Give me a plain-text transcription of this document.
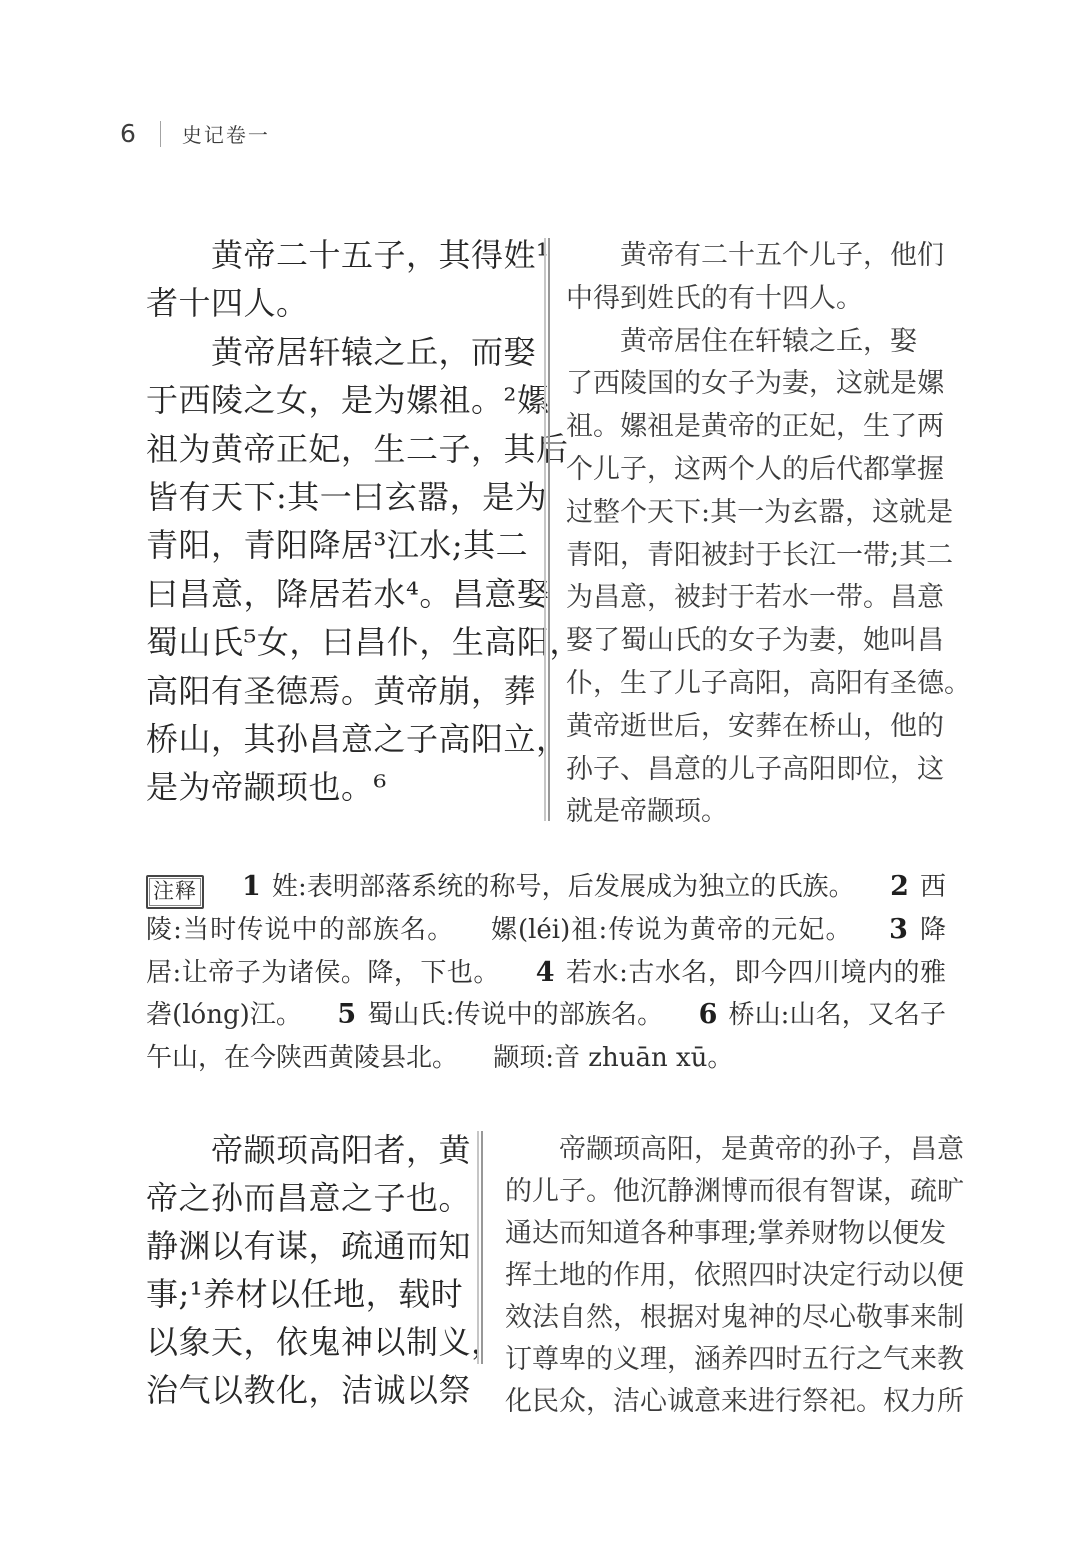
6 史记卷一
　　黄帝二十五子，其得姓¹
者十四人。
　　黄帝居轩辕之丘，而娶
于西陵之女，是为嫘祖。²嫘
祖为黄帝正妃，生二子，其后
皆有天下:其一曰玄嚣，是为
青阳，青阳降居³江水;其二
曰昌意，降居若水⁴。昌意娶
蜀山氏⁵女，曰昌仆，生高阳，
高阳有圣德焉。黄帝崩，葬
桥山，其孙昌意之子高阳立，
是为帝颛顼也。⁶
　　黄帝有二十五个儿子，他们
中得到姓氏的有十四人。
　　黄帝居住在轩辕之丘，娶
了西陵国的女子为妻，这就是嫘
祖。嫘祖是黄帝的正妃，生了两
个儿子，这两个人的后代都掌握
过整个天下:其一为玄嚣，这就是
青阳，青阳被封于长江一带;其二
为昌意，被封于若水一带。昌意
娶了蜀山氏的女子为妻，她叫昌
仆，生了儿子高阳，高阳有圣德。
黄帝逝世后，安葬在桥山，他的
孙子、昌意的儿子高阳即位，这
就是帝颛顼。
注释 1 姓:表明部落系统的称号，后发展成为独立的氏族。 2 西陵:当时传说中的部族名。 嫘(léi)祖:传说为黄帝的元妃。 3 降居:让帝子为诸侯。降，下也。 4 若水:古水名，即今四川境内的雅砻(lóng)江。 5 蜀山氏:传说中的部族名。 6 桥山:山名，又名子午山，在今陕西黄陵县北。 颛顼:音 zhuān xū。
　　帝颛顼高阳者，黄
帝之孙而昌意之子也。
静渊以有谋，疏通而知
事;¹养材以任地，载时
以象天，依鬼神以制义，
治气以教化，洁诚以祭
　　帝颛顼高阳，是黄帝的孙子，昌意
的儿子。他沉静渊博而很有智谋，疏旷
通达而知道各种事理;掌养财物以便发
挥土地的作用，依照四时决定行动以便
效法自然，根据对鬼神的尽心敬事来制
订尊卑的义理，涵养四时五行之气来教
化民众，洁心诚意来进行祭祀。权力所
